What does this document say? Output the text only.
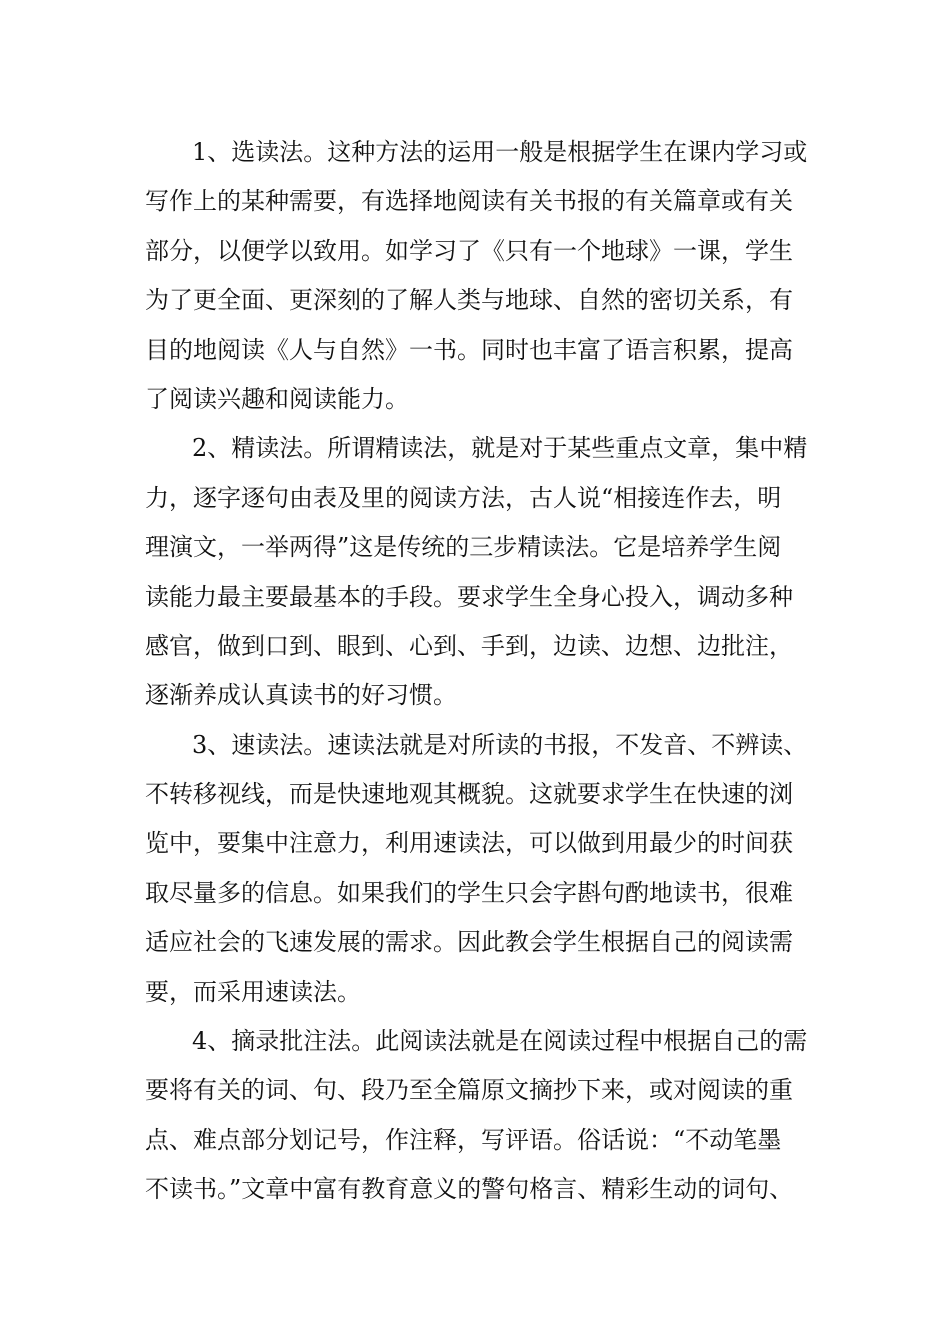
1、选读法。这种方法的运用一般是根据学生在课内学习或
写作上的某种需要，有选择地阅读有关书报的有关篇章或有关
部分，以便学以致用。如学习了《只有一个地球》一课，学生
为了更全面、更深刻的了解人类与地球、自然的密切关系，有
目的地阅读《人与自然》一书。同时也丰富了语言积累，提高
了阅读兴趣和阅读能力。
2、精读法。所谓精读法，就是对于某些重点文章，集中精
力，逐字逐句由表及里的阅读方法，古人说“相接连作去，明
理演文，一举两得”这是传统的三步精读法。它是培养学生阅
读能力最主要最基本的手段。要求学生全身心投入，调动多种
感官，做到口到、眼到、心到、手到，边读、边想、边批注，
逐渐养成认真读书的好习惯。
3、速读法。速读法就是对所读的书报，不发音、不辨读、
不转移视线，而是快速地观其概貌。这就要求学生在快速的浏
览中，要集中注意力，利用速读法，可以做到用最少的时间获
取尽量多的信息。如果我们的学生只会字斟句酌地读书，很难
适应社会的飞速发展的需求。因此教会学生根据自己的阅读需
要，而采用速读法。
4、摘录批注法。此阅读法就是在阅读过程中根据自己的需
要将有关的词、句、段乃至全篇原文摘抄下来，或对阅读的重
点、难点部分划记号，作注释，写评语。俗话说：“不动笔墨
不读书。”文章中富有教育意义的警句格言、精彩生动的词句、
